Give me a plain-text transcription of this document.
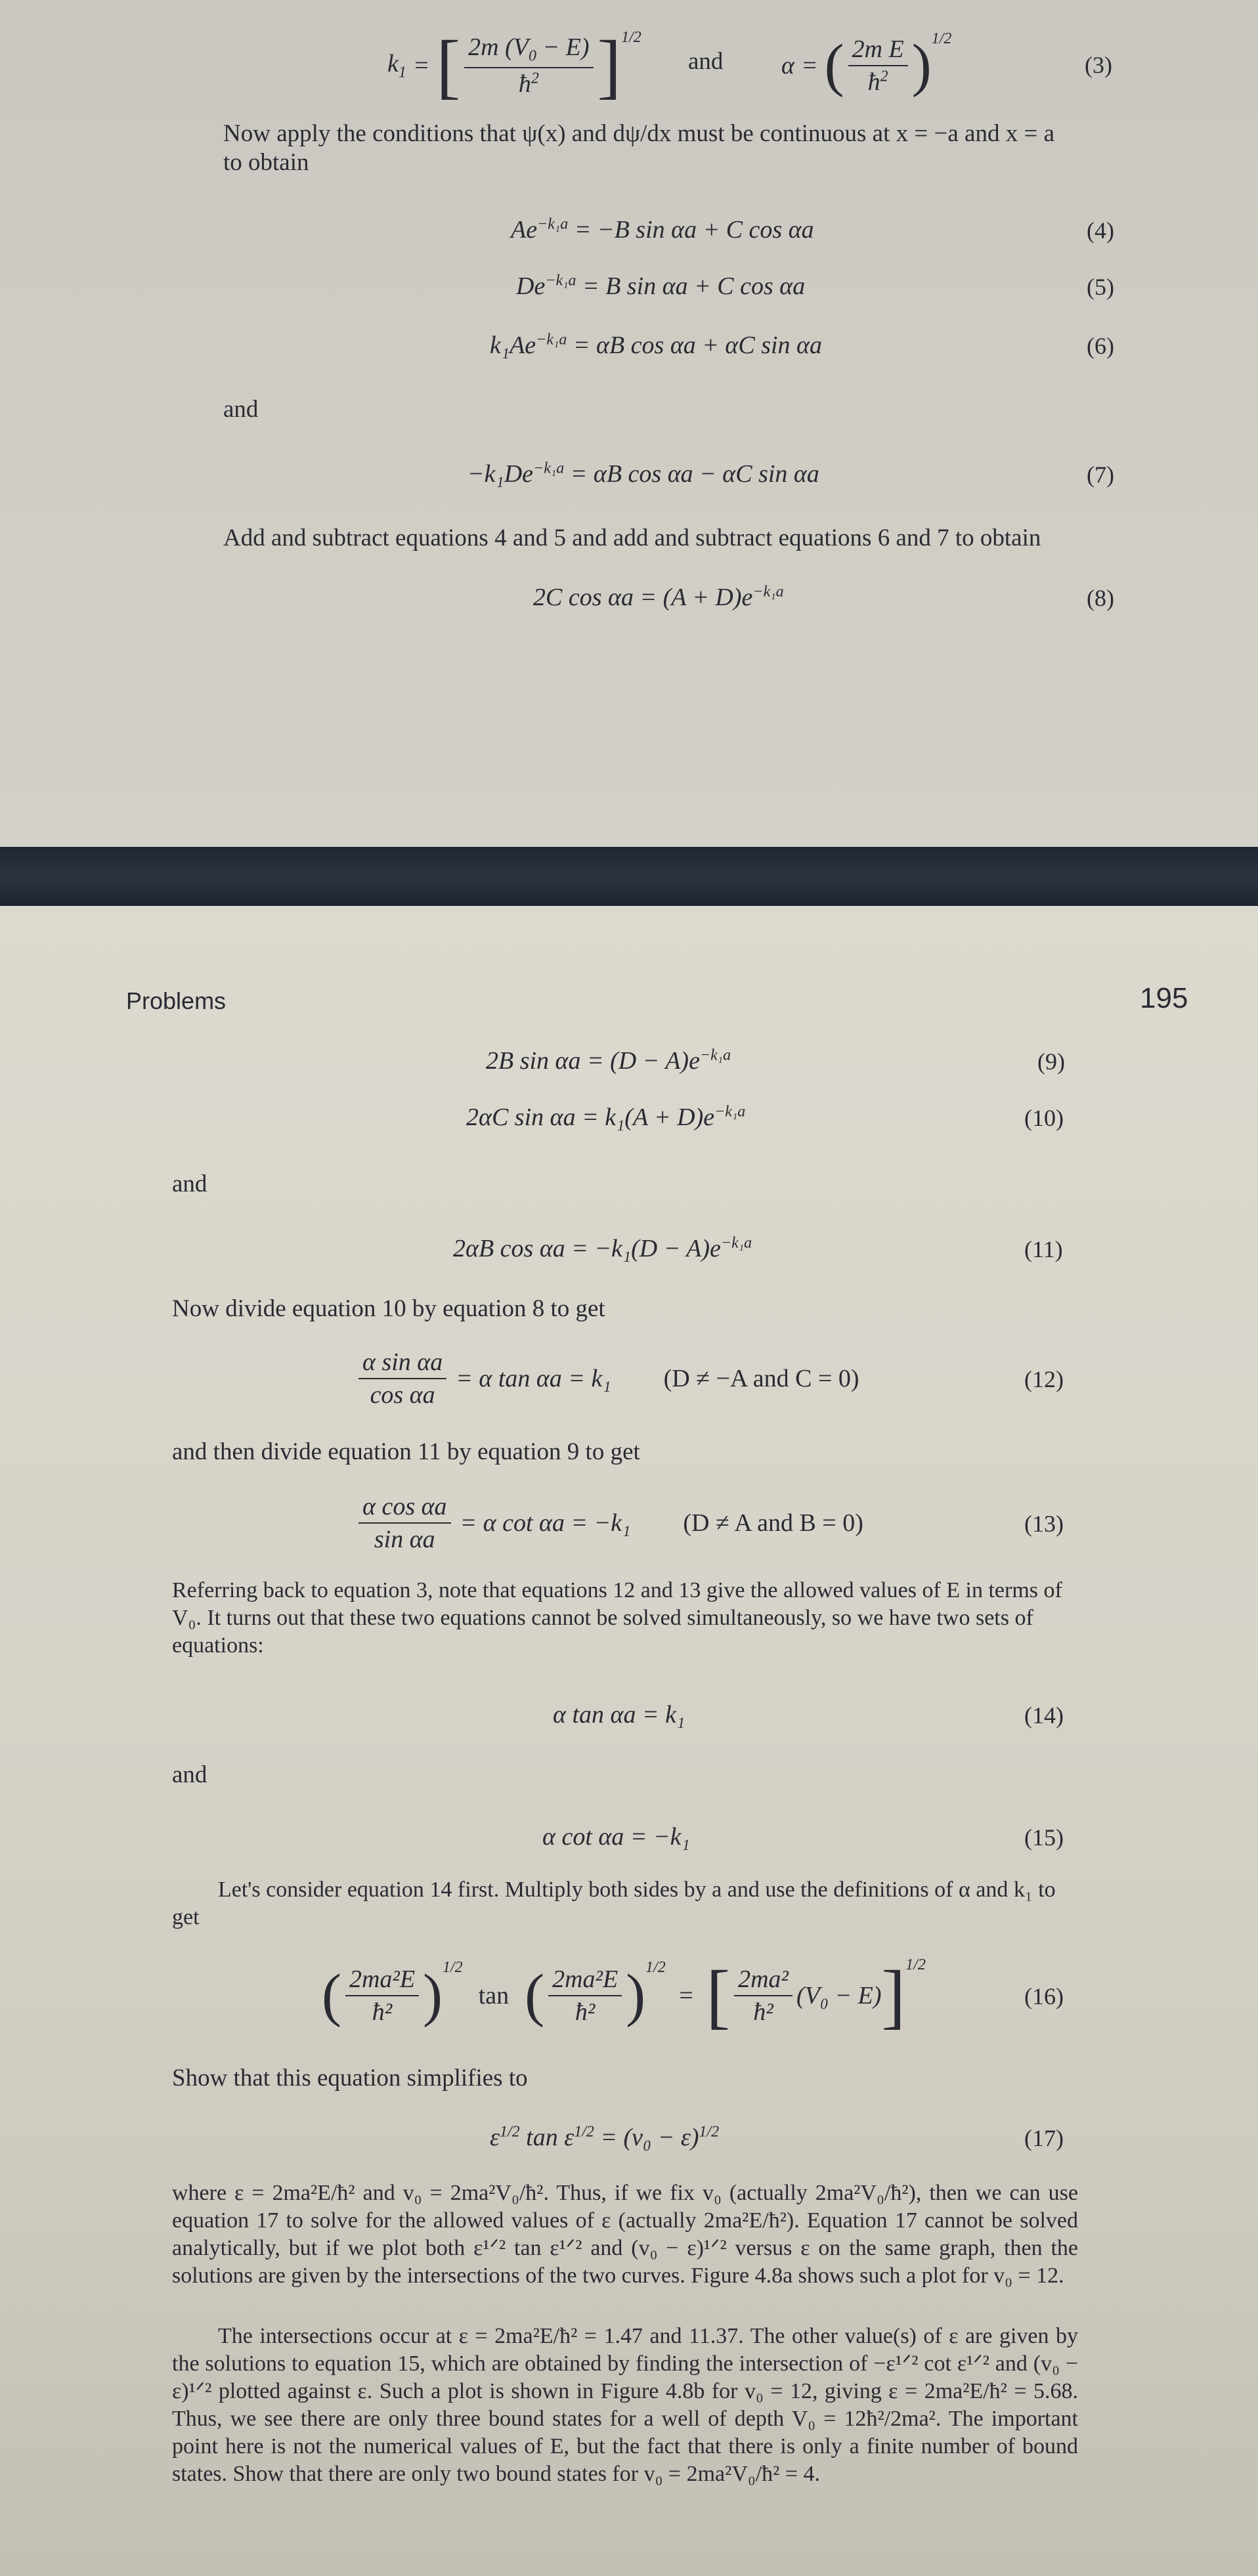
$k_1$ = [ $\frac{2m (V_0 - E)}{ħ^2} ]^{1/2}$
and α = ( $\frac{\text{2m E}}{ħ^2} )^{1/2}$
(3)
Now apply the conditions that ψ(x) and dψ/dx must be continuous at x = −a and x = a
to obtain
$Ae^{-k_1a} = -B$ sin αa + C cos αa	(4)
$De^{-k_1a} = B$ sin αa + C cos αa	(5)
$k_1Ae^{-k_1a} = \alpha B$ cos αa + αC sin αa	(6)
and
$-k_1De^{-k_1a} = \alpha B$ cos αa − αC sin αa	(7)
Add and subtract equations 4 and 5 and add and subtract equations 6 and 7 to obtain
2C $\cos \alpha a = (A + D)e^{-k_1a}$	(8)
Problems	195
2B $\sin \alpha a = (D - A)e^{-k_1a}$	(9)
2αC $\sin \alpha a = k_1(A + D)e^{-k_1a}$	(10)
and
2αB $\cos \alpha a = -k_1(D - A)e^{-k_1a}$	(11)
Now divide equation 10 by equation 8 to get
$\frac{\text{α sin αa}}{\text{cos αa}} = \alpha$ tan αa = k₁ (D ≠ −A and C = 0)	(12)
and then divide equation 11 by equation 9 to get
$\frac{\text{α cos αa}}{\text{sin αa}} = \alpha$ cot αa = −k₁ (D ≠ A and B = 0)	(13)
Referring back to equation 3, note that equations 12 and 13 give the allowed values of E in terms of V₀. It turns out that these two equations cannot be solved simultaneously, so we have two sets of equations:
α tan αa = k₁	(14)
and
α cot αa = −k₁	(15)
Let's consider equation 14 first. Multiply both sides by a and use the definitions of α and k₁ to get
( $\frac{\text{2ma²E}}{\text{ħ²}} )^{1/2}$
tan ( $\frac{\text{2ma²E}}{\text{ħ²}} )^{1/2}$
= [ $\frac{\text{2ma²}}{\text{ħ²}} (V_0 - E)$ ]$^{1/2}$
(16)
Show that this equation simplifies to
$\varepsilon^{1/2}$ $\tan \varepsilon^{1/2} = (v_0 - \varepsilon)^{1/2}$	(17)
where ε = 2ma²E/ħ² and v₀ = 2ma²V₀/ħ². Thus, if we fix v₀ (actually 2ma²V₀/ħ²), then we can use equation 17 to solve for the allowed values of ε (actually 2ma²E/ħ²). Equation 17 cannot be solved analytically, but if we plot both ε¹ᐟ² tan ε¹ᐟ² and (v₀ − ε)¹ᐟ² versus ε on the same graph, then the solutions are given by the intersections of the two curves. Figure 4.8a shows such a plot for v₀ = 12.
The intersections occur at ε = 2ma²E/ħ² = 1.47 and 11.37. The other value(s) of ε are given by the solutions to equation 15, which are obtained by finding the intersection of −ε¹ᐟ² cot ε¹ᐟ² and (v₀ − ε)¹ᐟ² plotted against ε. Such a plot is shown in Figure 4.8b for v₀ = 12, giving ε = 2ma²E/ħ² = 5.68. Thus, we see there are only three bound states for a well of depth V₀ = 12ħ²/2ma². The important point here is not the numerical values of E, but the fact that there is only a finite number of bound states. Show that there are only two bound states for v₀ = 2ma²V₀/ħ² = 4.
